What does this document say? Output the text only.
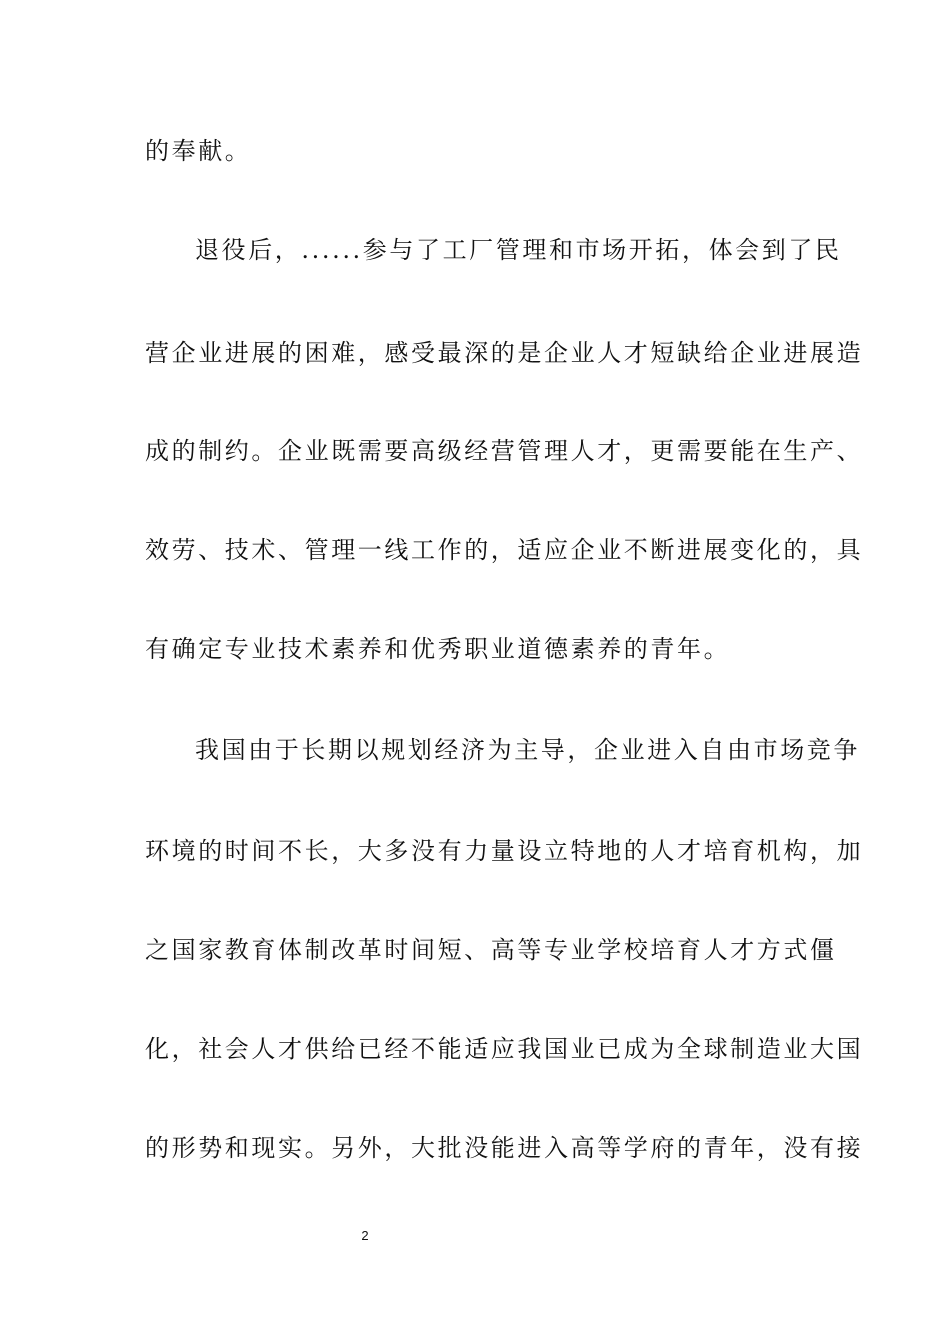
的奉献。
退役后，......参与了工厂管理和市场开拓，体会到了民
营企业进展的困难，感受最深的是企业人才短缺给企业进展造
成的制约。企业既需要高级经营管理人才，更需要能在生产、
效劳、技术、管理一线工作的，适应企业不断进展变化的，具
有确定专业技术素养和优秀职业道德素养的青年。
我国由于长期以规划经济为主导，企业进入自由市场竞争
环境的时间不长，大多没有力量设立特地的人才培育机构，加
之国家教育体制改革时间短、高等专业学校培育人才方式僵
化，社会人才供给已经不能适应我国业已成为全球制造业大国
的形势和现实。另外，大批没能进入高等学府的青年，没有接
2
